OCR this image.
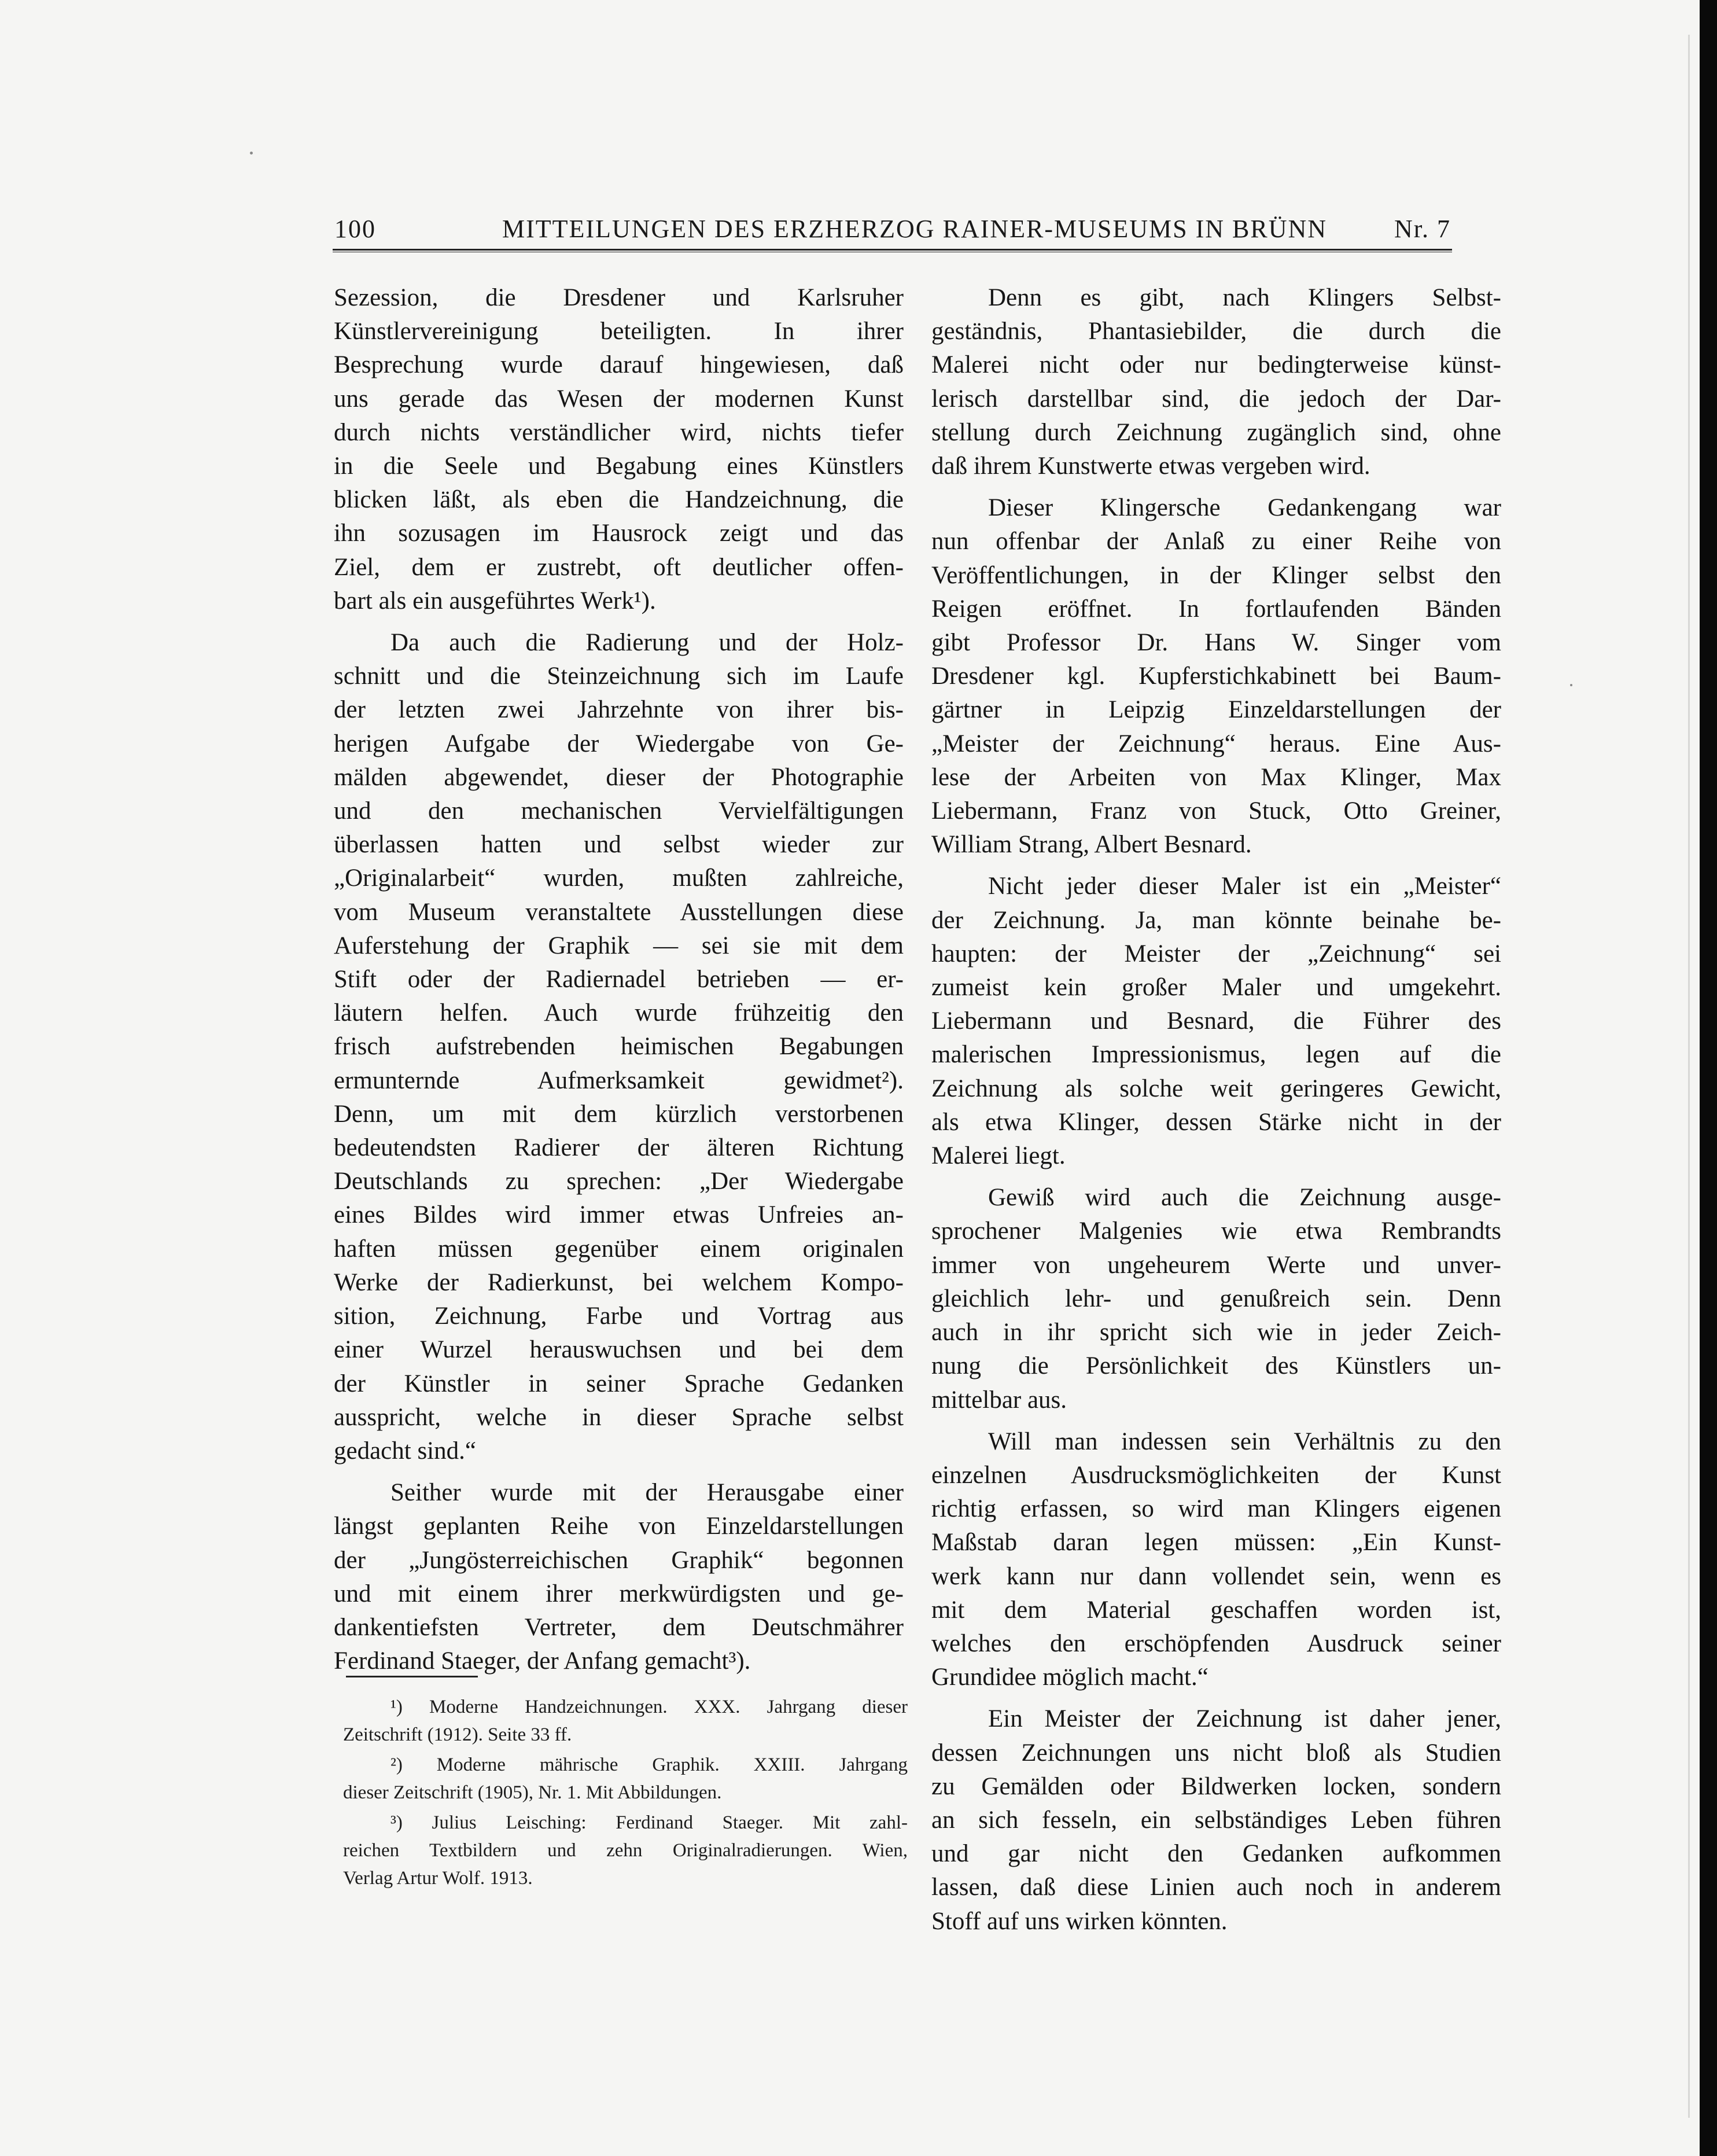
100	MITTEILUNGEN DES ERZHERZOG RAINER-MUSEUMS IN BRÜNN	Nr. 7

Sezession, die Dresdener und Karlsruher
Künstlervereinigung beteiligten. In ihrer
Besprechung wurde darauf hingewiesen, daß
uns gerade das Wesen der modernen Kunst
durch nichts verständlicher wird, nichts tiefer
in die Seele und Begabung eines Künstlers
blicken läßt, als eben die Handzeichnung, die
ihn sozusagen im Hausrock zeigt und das
Ziel, dem er zustrebt, oft deutlicher offen-
bart als ein ausgeführtes Werk¹).

Da auch die Radierung und der Holz-
schnitt und die Steinzeichnung sich im Laufe
der letzten zwei Jahrzehnte von ihrer bis-
herigen Aufgabe der Wiedergabe von Ge-
mälden abgewendet, dieser der Photographie
und den mechanischen Vervielfältigungen
überlassen hatten und selbst wieder zur
„Originalarbeit“ wurden, mußten zahlreiche,
vom Museum veranstaltete Ausstellungen diese
Auferstehung der Graphik — sei sie mit dem
Stift oder der Radiernadel betrieben — er-
läutern helfen. Auch wurde frühzeitig den
frisch aufstrebenden heimischen Begabungen
ermunternde Aufmerksamkeit gewidmet²).
Denn, um mit dem kürzlich verstorbenen
bedeutendsten Radierer der älteren Richtung
Deutschlands zu sprechen: „Der Wiedergabe
eines Bildes wird immer etwas Unfreies an-
haften müssen gegenüber einem originalen
Werke der Radierkunst, bei welchem Kompo-
sition, Zeichnung, Farbe und Vortrag aus
einer Wurzel herauswuchsen und bei dem
der Künstler in seiner Sprache Gedanken
ausspricht, welche in dieser Sprache selbst
gedacht sind.“

Seither wurde mit der Herausgabe einer
längst geplanten Reihe von Einzeldarstellungen
der „Jungösterreichischen Graphik“ begonnen
und mit einem ihrer merkwürdigsten und ge-
dankentiefsten Vertreter, dem Deutschmährer
Ferdinand Staeger, der Anfang gemacht³).

Denn es gibt, nach Klingers Selbst-
geständnis, Phantasiebilder, die durch die
Malerei nicht oder nur bedingterweise künst-
lerisch darstellbar sind, die jedoch der Dar-
stellung durch Zeichnung zugänglich sind, ohne
daß ihrem Kunstwerte etwas vergeben wird.

Dieser Klingersche Gedankengang war
nun offenbar der Anlaß zu einer Reihe von
Veröffentlichungen, in der Klinger selbst den
Reigen eröffnet. In fortlaufenden Bänden
gibt Professor Dr. Hans W. Singer vom
Dresdener kgl. Kupferstichkabinett bei Baum-
gärtner in Leipzig Einzeldarstellungen der
„Meister der Zeichnung“ heraus. Eine Aus-
lese der Arbeiten von Max Klinger, Max
Liebermann, Franz von Stuck, Otto Greiner,
William Strang, Albert Besnard.

Nicht jeder dieser Maler ist ein „Meister“
der Zeichnung. Ja, man könnte beinahe be-
haupten: der Meister der „Zeichnung“ sei
zumeist kein großer Maler und umgekehrt.
Liebermann und Besnard, die Führer des
malerischen Impressionismus, legen auf die
Zeichnung als solche weit geringeres Gewicht,
als etwa Klinger, dessen Stärke nicht in der
Malerei liegt.

Gewiß wird auch die Zeichnung ausge-
sprochener Malgenies wie etwa Rembrandts
immer von ungeheurem Werte und unver-
gleichlich lehr- und genußreich sein. Denn
auch in ihr spricht sich wie in jeder Zeich-
nung die Persönlichkeit des Künstlers un-
mittelbar aus.

Will man indessen sein Verhältnis zu den
einzelnen Ausdrucksmöglichkeiten der Kunst
richtig erfassen, so wird man Klingers eigenen
Maßstab daran legen müssen: „Ein Kunst-
werk kann nur dann vollendet sein, wenn es
mit dem Material geschaffen worden ist,
welches den erschöpfenden Ausdruck seiner
Grundidee möglich macht.“

Ein Meister der Zeichnung ist daher jener,
dessen Zeichnungen uns nicht bloß als Studien
zu Gemälden oder Bildwerken locken, sondern
an sich fesseln, ein selbständiges Leben führen
und gar nicht den Gedanken aufkommen
lassen, daß diese Linien auch noch in anderem
Stoff auf uns wirken könnten.

¹) Moderne Handzeichnungen. XXX. Jahrgang dieser
Zeitschrift (1912). Seite 33 ff.

²) Moderne mährische Graphik. XXIII. Jahrgang
dieser Zeitschrift (1905), Nr. 1. Mit Abbildungen.

³) Julius Leisching: Ferdinand Staeger. Mit zahl-
reichen Textbildern und zehn Originalradierungen. Wien,
Verlag Artur Wolf. 1913.
